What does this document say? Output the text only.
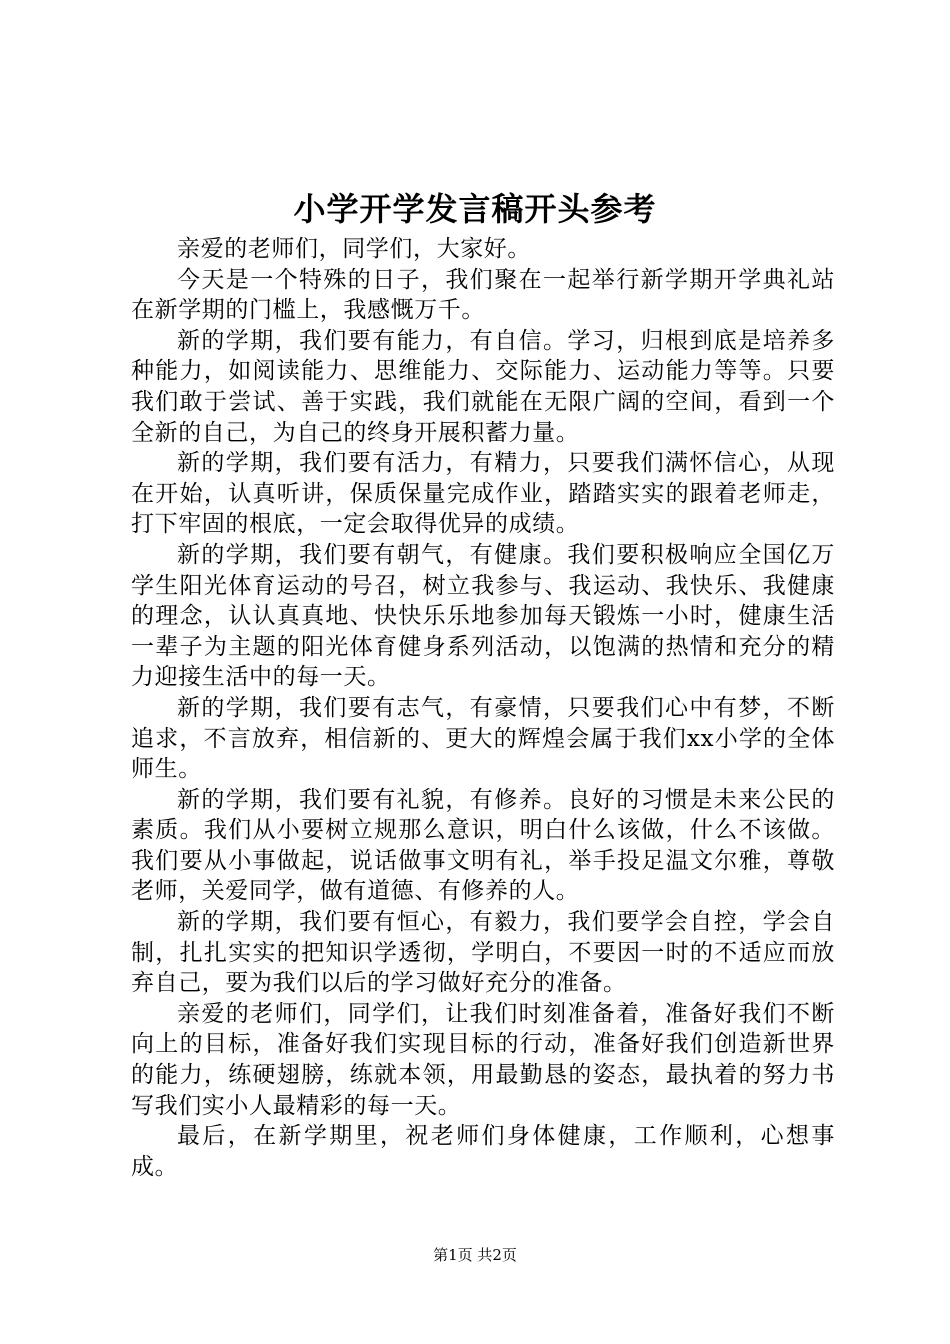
小学开学发言稿开头参考

亲爱的老师们，同学们，大家好。

今天是一个特殊的日子，我们聚在一起举行新学期开学典礼站在新学期的门槛上，我感慨万千。

新的学期，我们要有能力，有自信。学习，归根到底是培养多种能力，如阅读能力、思维能力、交际能力、运动能力等等。只要我们敢于尝试、善于实践，我们就能在无限广阔的空间，看到一个全新的自己，为自己的终身开展积蓄力量。

新的学期，我们要有活力，有精力，只要我们满怀信心，从现在开始，认真听讲，保质保量完成作业，踏踏实实的跟着老师走，打下牢固的根底，一定会取得优异的成绩。

新的学期，我们要有朝气，有健康。我们要积极响应全国亿万学生阳光体育运动的号召，树立我参与、我运动、我快乐、我健康的理念，认认真真地、快快乐乐地参加每天锻炼一小时，健康生活一辈子为主题的阳光体育健身系列活动，以饱满的热情和充分的精力迎接生活中的每一天。

新的学期，我们要有志气，有豪情，只要我们心中有梦，不断追求，不言放弃，相信新的、更大的辉煌会属于我们xx小学的全体师生。

新的学期，我们要有礼貌，有修养。良好的习惯是未来公民的素质。我们从小要树立规那么意识，明白什么该做，什么不该做。我们要从小事做起，说话做事文明有礼，举手投足温文尔雅，尊敬老师，关爱同学，做有道德、有修养的人。

新的学期，我们要有恒心，有毅力，我们要学会自控，学会自制，扎扎实实的把知识学透彻，学明白，不要因一时的不适应而放弃自己，要为我们以后的学习做好充分的准备。

亲爱的老师们，同学们，让我们时刻准备着，准备好我们不断向上的目标，准备好我们实现目标的行动，准备好我们创造新世界的能力，练硬翅膀，练就本领，用最勤恳的姿态，最执着的努力书写我们实小人最精彩的每一天。

最后，在新学期里，祝老师们身体健康，工作顺利，心想事成。

第1页 共2页
